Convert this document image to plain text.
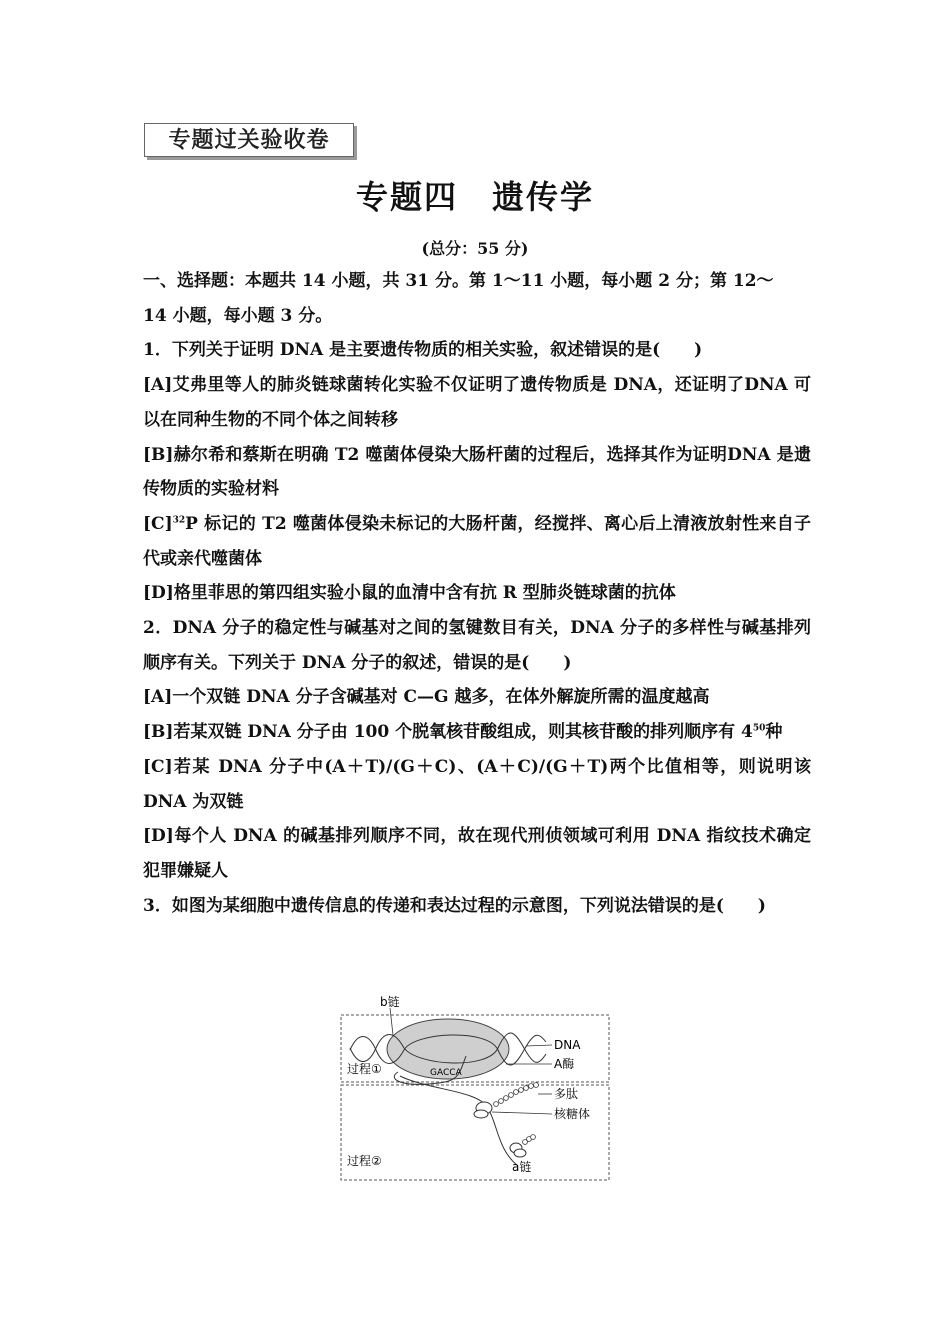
专题过关验收卷
专题四　遗传学
(总分：55 分)

一、选择题：本题共 14 小题，共 31 分。第 1～11 小题，每小题 2 分；第 12～
14 小题，每小题 3 分。

1．下列关于证明 DNA 是主要遗传物质的相关实验，叙述错误的是(　　)

[A]艾弗里等人的肺炎链球菌转化实验不仅证明了遗传物质是 DNA，还证明了DNA 可以在同种生物的不同个体之间转移

[B]赫尔希和蔡斯在明确 T2 噬菌体侵染大肠杆菌的过程后，选择其作为证明DNA 是遗传物质的实验材料

$[C]^{32}P$ 标记的 T2 噬菌体侵染未标记的大肠杆菌，经搅拌、离心后上清液放射性来自子代或亲代噬菌体

[D]格里菲思的第四组实验小鼠的血清中含有抗 R 型肺炎链球菌的抗体

2．DNA 分子的稳定性与碱基对之间的氢键数目有关，DNA 分子的多样性与碱基排列顺序有关。下列关于 DNA 分子的叙述，错误的是(　　)

[A]一个双链 DNA 分子含碱基对 C—G 越多，在体外解旋所需的温度越高

[B]若某双链 DNA 分子由 100 个脱氧核苷酸组成，则其核苷酸的排列顺序有 $4^{50}$种

[C]若某 DNA 分子中(A＋T)/(G＋C)、(A＋C)/(G＋T)两个比值相等，则说明该DNA 为双链

[D]每个人 DNA 的碱基排列顺序不同，故在现代刑侦领域可利用 DNA 指纹技术确定犯罪嫌疑人

3．如图为某细胞中遗传信息的传递和表达过程的示意图，下列说法错误的是(　　)

b链
DNA
A酶
过程①	GACCA
多肽
核糖体
过程②	a链
